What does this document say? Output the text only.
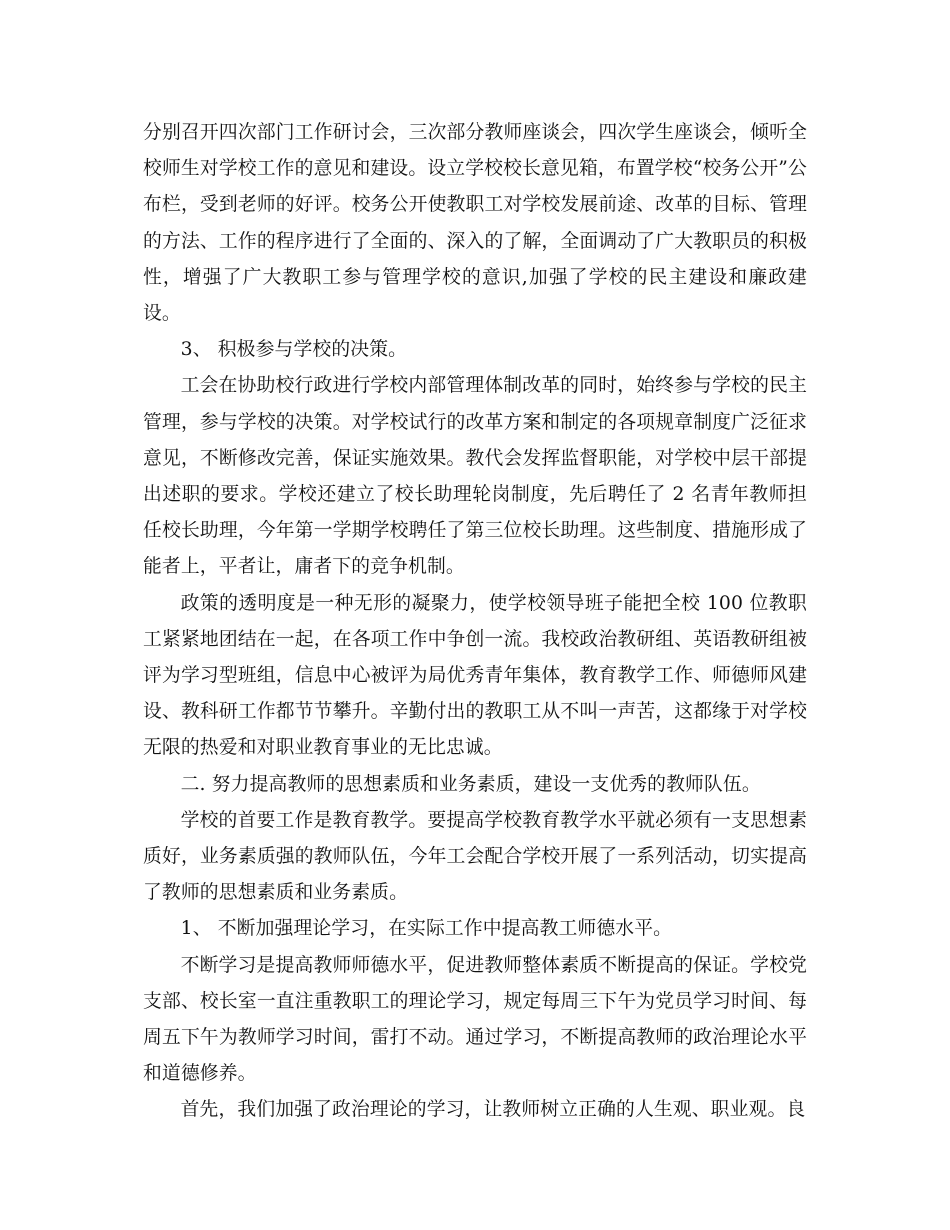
分别召开四次部门工作研讨会，三次部分教师座谈会，四次学生座谈会，倾听全校师生对学校工作的意见和建设。设立学校校长意见箱，布置学校“校务公开”公布栏，受到老师的好评。校务公开使教职工对学校发展前途、改革的目标、管理的方法、工作的程序进行了全面的、深入的了解，全面调动了广大教职员的积极性，增强了广大教职工参与管理学校的意识,加强了学校的民主建设和廉政建设。

3、 积极参与学校的决策。

工会在协助校行政进行学校内部管理体制改革的同时，始终参与学校的民主管理，参与学校的决策。对学校试行的改革方案和制定的各项规章制度广泛征求意见，不断修改完善，保证实施效果。教代会发挥监督职能，对学校中层干部提出述职的要求。学校还建立了校长助理轮岗制度，先后聘任了 2 名青年教师担任校长助理，今年第一学期学校聘任了第三位校长助理。这些制度、措施形成了能者上，平者让，庸者下的竞争机制。

政策的透明度是一种无形的凝聚力，使学校领导班子能把全校 100 位教职工紧紧地团结在一起，在各项工作中争创一流。我校政治教研组、英语教研组被评为学习型班组，信息中心被评为局优秀青年集体，教育教学工作、师德师风建设、教科研工作都节节攀升。辛勤付出的教职工从不叫一声苦，这都缘于对学校无限的热爱和对职业教育事业的无比忠诚。

二. 努力提高教师的思想素质和业务素质，建设一支优秀的教师队伍。

学校的首要工作是教育教学。要提高学校教育教学水平就必须有一支思想素质好，业务素质强的教师队伍，今年工会配合学校开展了一系列活动，切实提高了教师的思想素质和业务素质。

1、 不断加强理论学习，在实际工作中提高教工师德水平。

不断学习是提高教师师德水平，促进教师整体素质不断提高的保证。学校党支部、校长室一直注重教职工的理论学习，规定每周三下午为党员学习时间、每周五下午为教师学习时间，雷打不动。通过学习，不断提高教师的政治理论水平和道德修养。

首先，我们加强了政治理论的学习，让教师树立正确的人生观、职业观。良
